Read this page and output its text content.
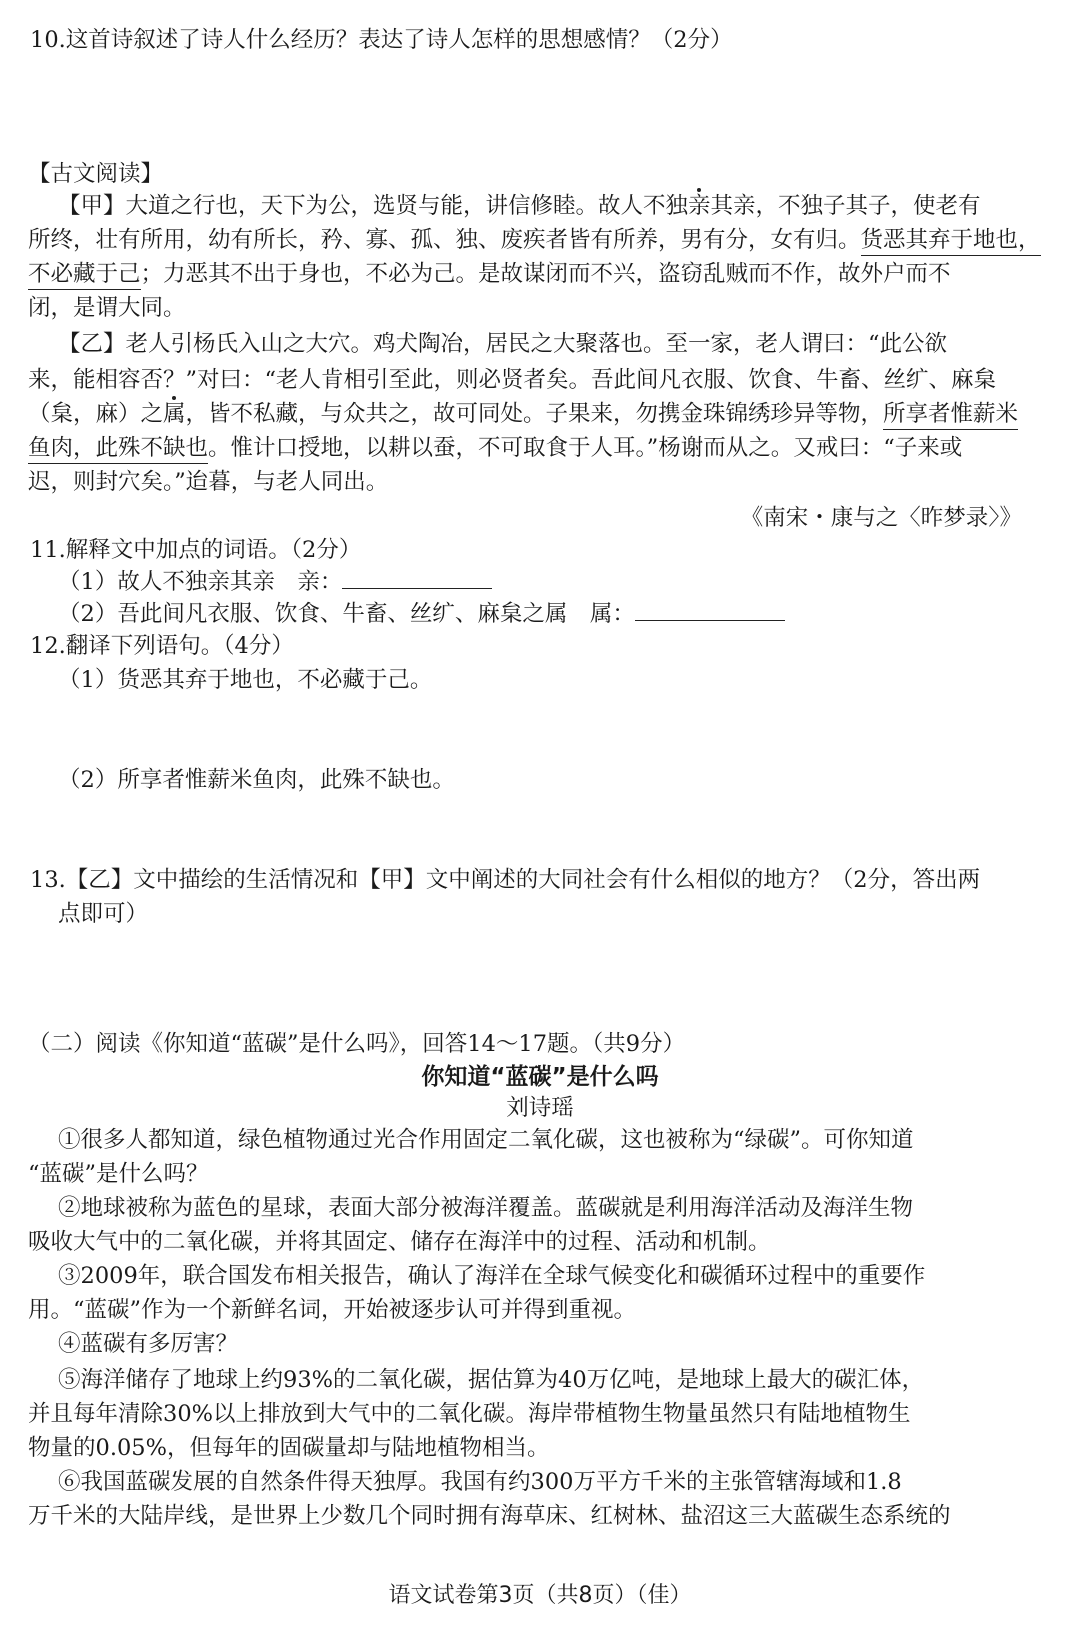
10.这首诗叙述了诗人什么经历？表达了诗人怎样的思想感情？（2分）
【古文阅读】
【甲】大道之行也，天下为公，选贤与能，讲信修睦。故人不独亲其亲，不独子其子，使老有
所终，壮有所用，幼有所长，矜、寡、孤、独、废疾者皆有所养，男有分，女有归。货恶其弃于地也，
不必藏于己；力恶其不出于身也，不必为己。是故谋闭而不兴，盗窃乱贼而不作，故外户而不
闭，是谓大同。
【乙】老人引杨氏入山之大穴。鸡犬陶冶，居民之大聚落也。至一家，老人谓曰：“此公欲
来，能相容否？”对曰：“老人肯相引至此，则必贤者矣。吾此间凡衣服、饮食、牛畜、丝纩、麻枲
（枲，麻）之属，皆不私藏，与众共之，故可同处。子果来，勿携金珠锦绣珍异等物，所享者惟薪米
鱼肉，此殊不缺也。惟计口授地，以耕以蚕，不可取食于人耳。”杨谢而从之。又戒曰：“子来或
迟，则封穴矣。”迨暮，与老人同出。
《南宋・康与之〈昨梦录〉》
11.解释文中加点的词语。（2分）
（1）故人不独亲其亲　亲：
（2）吾此间凡衣服、饮食、牛畜、丝纩、麻枲之属　属：
12.翻译下列语句。（4分）
（1）货恶其弃于地也，不必藏于己。
（2）所享者惟薪米鱼肉，此殊不缺也。
13.【乙】文中描绘的生活情况和【甲】文中阐述的大同社会有什么相似的地方？（2分，答出两
点即可）
（二）阅读《你知道“蓝碳”是什么吗》，回答14～17题。（共9分）
你知道“蓝碳”是什么吗
刘诗瑶
①很多人都知道，绿色植物通过光合作用固定二氧化碳，这也被称为“绿碳”。可你知道
“蓝碳”是什么吗？
②地球被称为蓝色的星球，表面大部分被海洋覆盖。蓝碳就是利用海洋活动及海洋生物
吸收大气中的二氧化碳，并将其固定、储存在海洋中的过程、活动和机制。
③2009年，联合国发布相关报告，确认了海洋在全球气候变化和碳循环过程中的重要作
用。“蓝碳”作为一个新鲜名词，开始被逐步认可并得到重视。
④蓝碳有多厉害？
⑤海洋储存了地球上约93%的二氧化碳，据估算为40万亿吨，是地球上最大的碳汇体，
并且每年清除30%以上排放到大气中的二氧化碳。海岸带植物生物量虽然只有陆地植物生
物量的0.05%，但每年的固碳量却与陆地植物相当。
⑥我国蓝碳发展的自然条件得天独厚。我国有约300万平方千米的主张管辖海域和1.8
万千米的大陆岸线，是世界上少数几个同时拥有海草床、红树林、盐沼这三大蓝碳生态系统的
语文试卷第3页（共8页）（佳）
